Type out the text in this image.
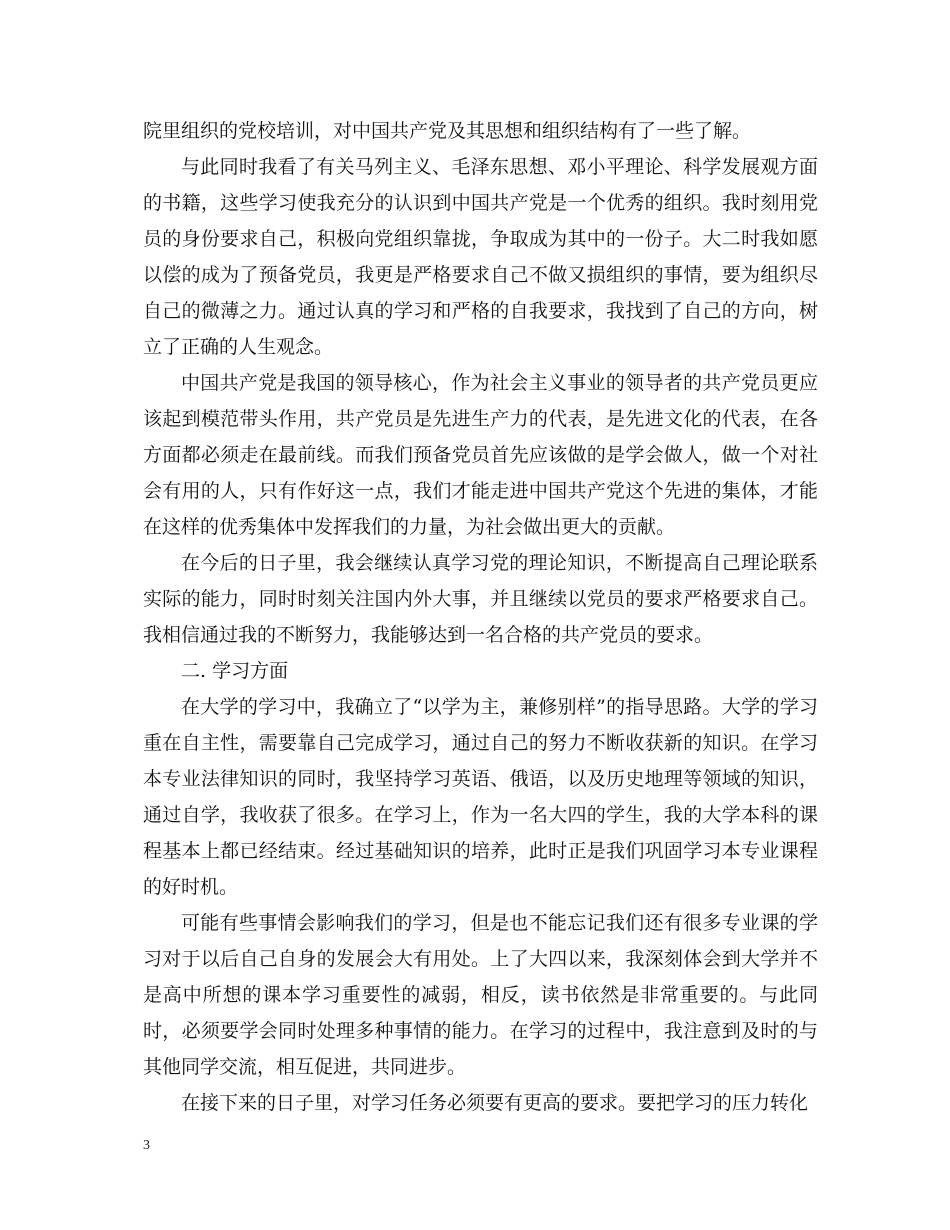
院里组织的党校培训，对中国共产党及其思想和组织结构有了一些了解。

与此同时我看了有关马列主义、毛泽东思想、邓小平理论、科学发展观方面的书籍，这些学习使我充分的认识到中国共产党是一个优秀的组织。我时刻用党员的身份要求自己，积极向党组织靠拢，争取成为其中的一份子。大二时我如愿以偿的成为了预备党员，我更是严格要求自己不做又损组织的事情，要为组织尽自己的微薄之力。通过认真的学习和严格的自我要求，我找到了自己的方向，树立了正确的人生观念。

中国共产党是我国的领导核心，作为社会主义事业的领导者的共产党员更应该起到模范带头作用，共产党员是先进生产力的代表，是先进文化的代表，在各方面都必须走在最前线。而我们预备党员首先应该做的是学会做人，做一个对社会有用的人，只有作好这一点，我们才能走进中国共产党这个先进的集体，才能在这样的优秀集体中发挥我们的力量，为社会做出更大的贡献。

在今后的日子里，我会继续认真学习党的理论知识，不断提高自己理论联系实际的能力，同时时刻关注国内外大事，并且继续以党员的要求严格要求自己。我相信通过我的不断努力，我能够达到一名合格的共产党员的要求。

二. 学习方面

在大学的学习中，我确立了“以学为主，兼修别样”的指导思路。大学的学习重在自主性，需要靠自己完成学习，通过自己的努力不断收获新的知识。在学习本专业法律知识的同时，我坚持学习英语、俄语，以及历史地理等领域的知识，通过自学，我收获了很多。在学习上，作为一名大四的学生，我的大学本科的课程基本上都已经结束。经过基础知识的培养，此时正是我们巩固学习本专业课程的好时机。

可能有些事情会影响我们的学习，但是也不能忘记我们还有很多专业课的学习对于以后自己自身的发展会大有用处。上了大四以来，我深刻体会到大学并不是高中所想的课本学习重要性的减弱，相反，读书依然是非常重要的。与此同时，必须要学会同时处理多种事情的能力。在学习的过程中，我注意到及时的与其他同学交流，相互促进，共同进步。

在接下来的日子里，对学习任务必须要有更高的要求。要把学习的压力转化

3
